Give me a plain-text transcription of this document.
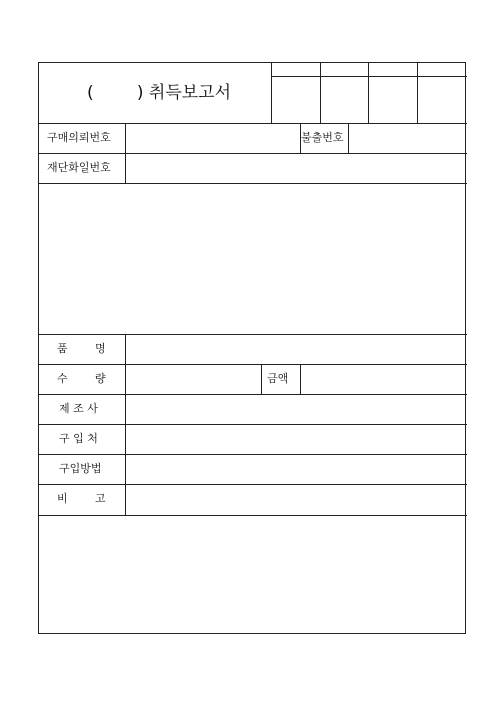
(        ) 취득보고서
구매의뢰번호	불출번호
재단화일번호
품 명
수 량	금액
제 조 사
구 입 처
구입방법
비 고
